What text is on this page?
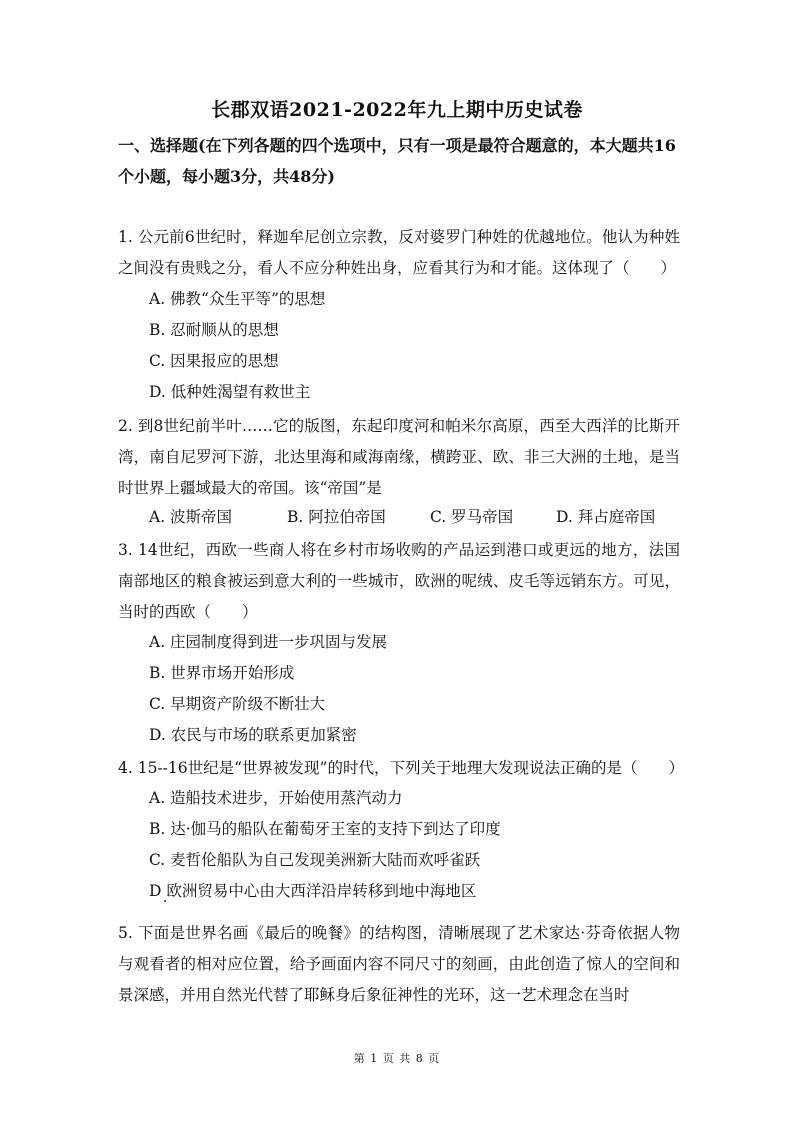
长郡双语2021-2022年九上期中历史试卷
一、选择题(在下列各题的四个选项中，只有一项是最符合题意的，本大题共16个小题，每小题3分，共48分)
1. 公元前6世纪时，释迦牟尼创立宗教，反对婆罗门种姓的优越地位。他认为种姓之间没有贵贱之分，看人不应分种姓出身，应看其行为和才能。这体现了（　　）
A. 佛教“众生平等”的思想
B. 忍耐顺从的思想
C. 因果报应的思想
D. 低种姓渴望有救世主
2. 到8世纪前半叶……它的版图，东起印度河和帕米尔高原，西至大西洋的比斯开湾，南自尼罗河下游，北达里海和咸海南缘，横跨亚、欧、非三大洲的土地，是当时世界上疆域最大的帝国。该“帝国”是
A. 波斯帝国	B. 阿拉伯帝国	C. 罗马帝国	D. 拜占庭帝国
3. 14世纪，西欧一些商人将在乡村市场收购的产品运到港口或更远的地方，法国南部地区的粮食被运到意大利的一些城市，欧洲的呢绒、皮毛等远销东方。可见，当时的西欧（　　）
A. 庄园制度得到进一步巩固与发展
B. 世界市场开始形成
C. 早期资产阶级不断壮大
D. 农民与市场的联系更加紧密
4. 15--16世纪是“世界被发现”的时代，下列关于地理大发现说法正确的是（　　）
A. 造船技术进步，开始使用蒸汽动力
B. 达·伽马的船队在葡萄牙王室的支持下到达了印度
C. 麦哲伦船队为自己发现美洲新大陆而欢呼雀跃
D 欧洲贸易中心由大西洋沿岸转移到地中海地区
5. 下面是世界名画《最后的晚餐》的结构图，清晰展现了艺术家达·芬奇依据人物与观看者的相对应位置，给予画面内容不同尺寸的刻画，由此创造了惊人的空间和景深感，并用自然光代替了耶稣身后象征神性的光环，这一艺术理念在当时
第 1 页 共 8 页
